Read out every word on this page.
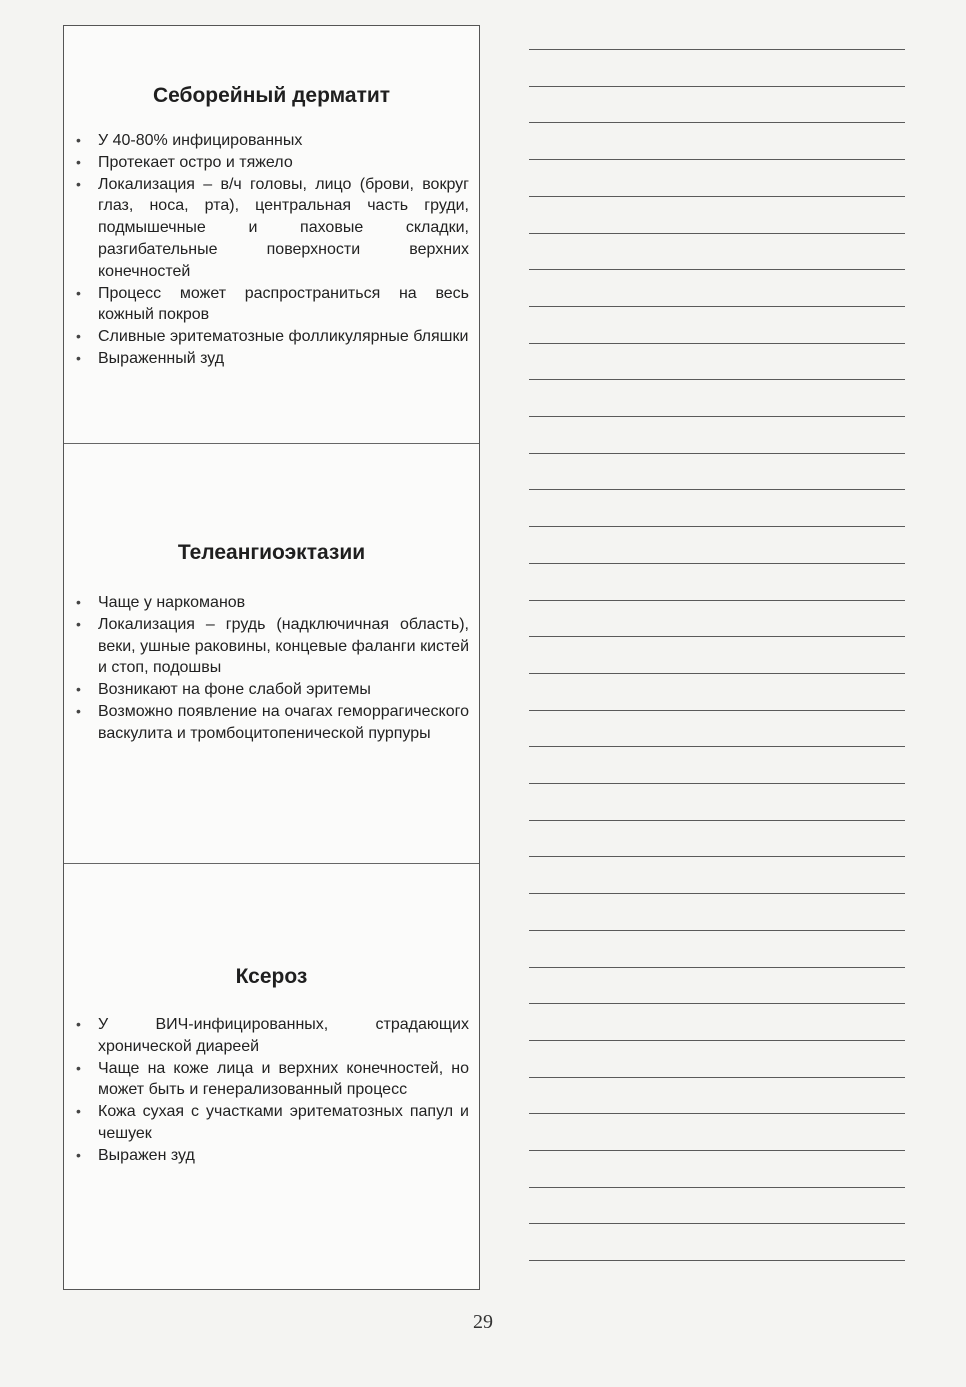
Себорейный дерматит
• У 40-80% инфицированных
• Протекает остро и тяжело
• Локализация – в/ч головы, лицо (брови, вокруг глаз, носа, рта), центральная часть груди, подмышечные и паховые складки, разгибательные поверхности верхних конечностей
• Процесс может распространиться на весь кожный покров
• Сливные эритематозные фолликулярные бляшки
• Выраженный зуд
Телеангиоэктазии
• Чаще у наркоманов
• Локализация – грудь (надключичная область), веки, ушные раковины, концевые фаланги кистей и стоп, подошвы
• Возникают на фоне слабой эритемы
• Возможно появление на очагах геморрагического васкулита и тромбоцитопенической пурпуры
Ксероз
• У ВИЧ-инфицированных, страдающих хронической диареей
• Чаще на коже лица и верхних конечностей, но может быть и генерализованный процесс
• Кожа сухая с участками эритематозных папул и чешуек
• Выражен зуд

29
